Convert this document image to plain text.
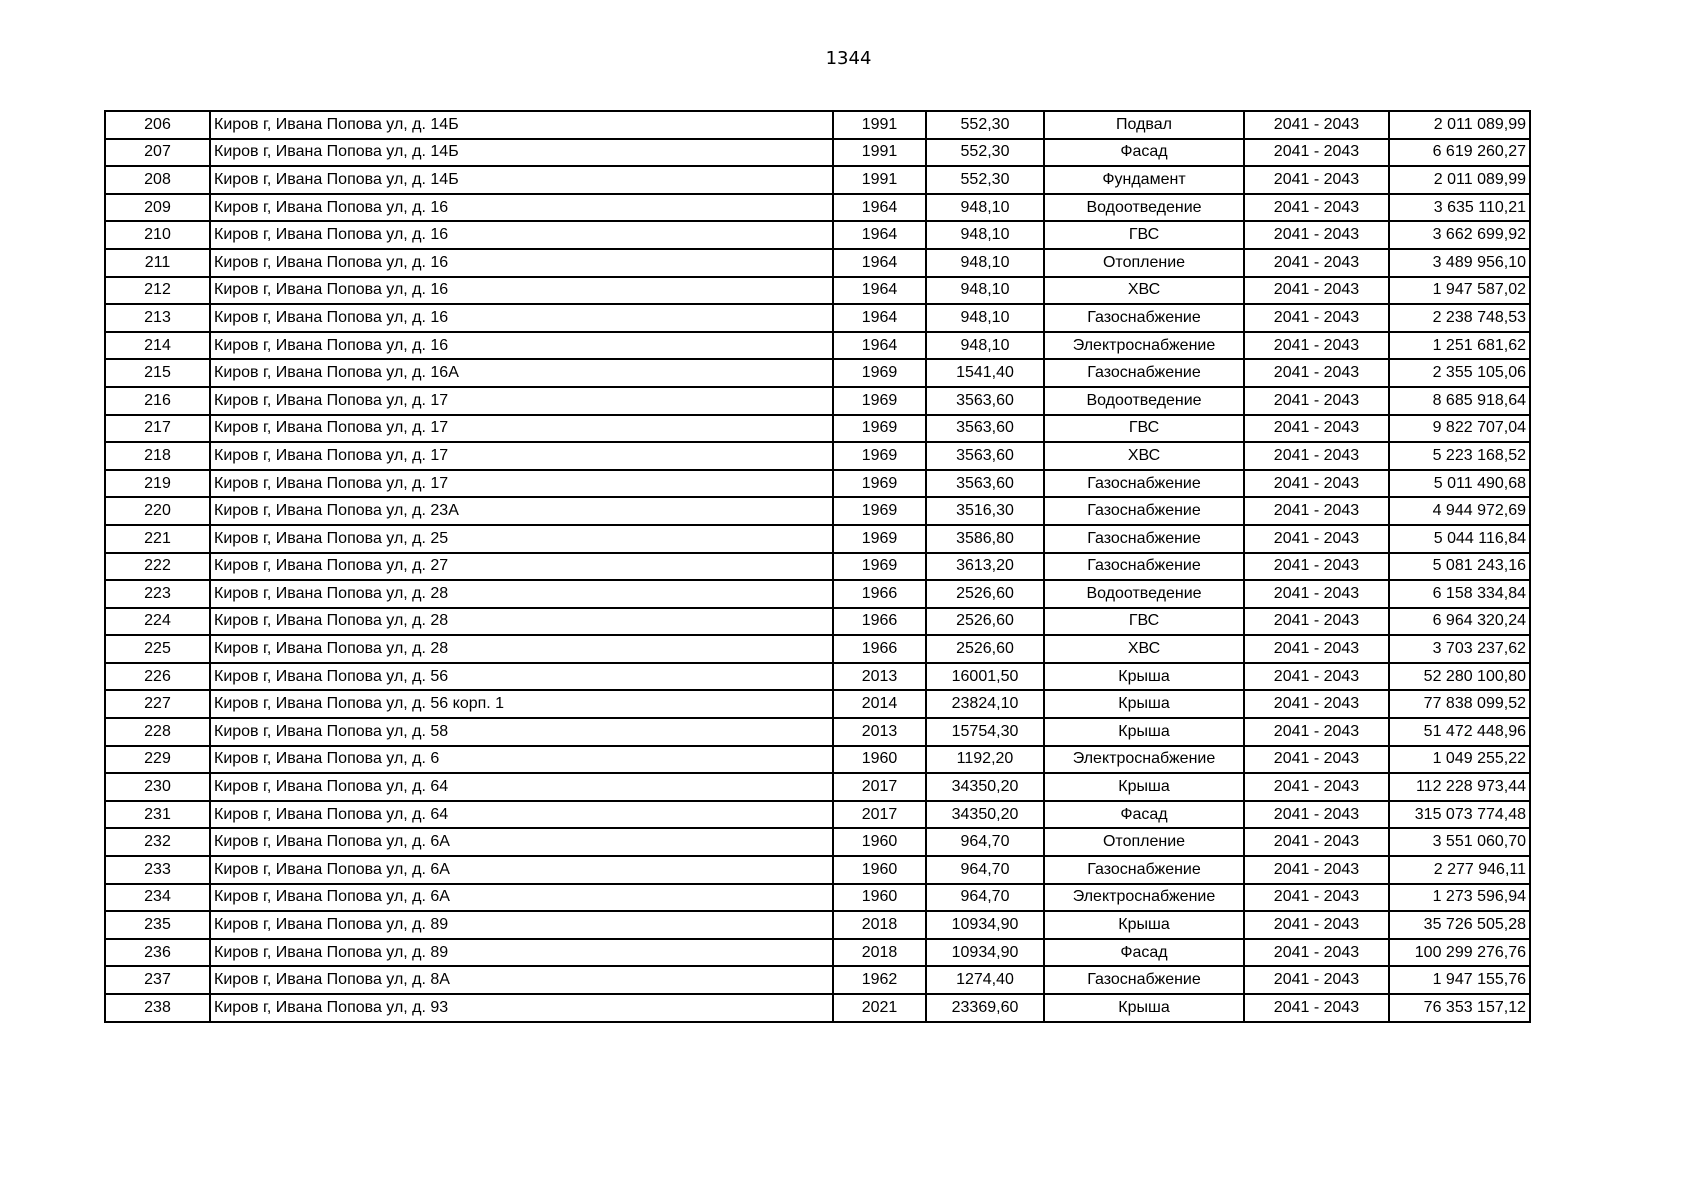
1344
206	Киров г, Ивана Попова ул, д. 14Б	1991	552,30	Подвал	2041 - 2043	2 011 089,99
207	Киров г, Ивана Попова ул, д. 14Б	1991	552,30	Фасад	2041 - 2043	6 619 260,27
208	Киров г, Ивана Попова ул, д. 14Б	1991	552,30	Фундамент	2041 - 2043	2 011 089,99
209	Киров г, Ивана Попова ул, д. 16	1964	948,10	Водоотведение	2041 - 2043	3 635 110,21
210	Киров г, Ивана Попова ул, д. 16	1964	948,10	ГВС	2041 - 2043	3 662 699,92
211	Киров г, Ивана Попова ул, д. 16	1964	948,10	Отопление	2041 - 2043	3 489 956,10
212	Киров г, Ивана Попова ул, д. 16	1964	948,10	ХВС	2041 - 2043	1 947 587,02
213	Киров г, Ивана Попова ул, д. 16	1964	948,10	Газоснабжение	2041 - 2043	2 238 748,53
214	Киров г, Ивана Попова ул, д. 16	1964	948,10	Электроснабжение	2041 - 2043	1 251 681,62
215	Киров г, Ивана Попова ул, д. 16А	1969	1541,40	Газоснабжение	2041 - 2043	2 355 105,06
216	Киров г, Ивана Попова ул, д. 17	1969	3563,60	Водоотведение	2041 - 2043	8 685 918,64
217	Киров г, Ивана Попова ул, д. 17	1969	3563,60	ГВС	2041 - 2043	9 822 707,04
218	Киров г, Ивана Попова ул, д. 17	1969	3563,60	ХВС	2041 - 2043	5 223 168,52
219	Киров г, Ивана Попова ул, д. 17	1969	3563,60	Газоснабжение	2041 - 2043	5 011 490,68
220	Киров г, Ивана Попова ул, д. 23А	1969	3516,30	Газоснабжение	2041 - 2043	4 944 972,69
221	Киров г, Ивана Попова ул, д. 25	1969	3586,80	Газоснабжение	2041 - 2043	5 044 116,84
222	Киров г, Ивана Попова ул, д. 27	1969	3613,20	Газоснабжение	2041 - 2043	5 081 243,16
223	Киров г, Ивана Попова ул, д. 28	1966	2526,60	Водоотведение	2041 - 2043	6 158 334,84
224	Киров г, Ивана Попова ул, д. 28	1966	2526,60	ГВС	2041 - 2043	6 964 320,24
225	Киров г, Ивана Попова ул, д. 28	1966	2526,60	ХВС	2041 - 2043	3 703 237,62
226	Киров г, Ивана Попова ул, д. 56	2013	16001,50	Крыша	2041 - 2043	52 280 100,80
227	Киров г, Ивана Попова ул, д. 56 корп. 1	2014	23824,10	Крыша	2041 - 2043	77 838 099,52
228	Киров г, Ивана Попова ул, д. 58	2013	15754,30	Крыша	2041 - 2043	51 472 448,96
229	Киров г, Ивана Попова ул, д. 6	1960	1192,20	Электроснабжение	2041 - 2043	1 049 255,22
230	Киров г, Ивана Попова ул, д. 64	2017	34350,20	Крыша	2041 - 2043	112 228 973,44
231	Киров г, Ивана Попова ул, д. 64	2017	34350,20	Фасад	2041 - 2043	315 073 774,48
232	Киров г, Ивана Попова ул, д. 6А	1960	964,70	Отопление	2041 - 2043	3 551 060,70
233	Киров г, Ивана Попова ул, д. 6А	1960	964,70	Газоснабжение	2041 - 2043	2 277 946,11
234	Киров г, Ивана Попова ул, д. 6А	1960	964,70	Электроснабжение	2041 - 2043	1 273 596,94
235	Киров г, Ивана Попова ул, д. 89	2018	10934,90	Крыша	2041 - 2043	35 726 505,28
236	Киров г, Ивана Попова ул, д. 89	2018	10934,90	Фасад	2041 - 2043	100 299 276,76
237	Киров г, Ивана Попова ул, д. 8А	1962	1274,40	Газоснабжение	2041 - 2043	1 947 155,76
238	Киров г, Ивана Попова ул, д. 93	2021	23369,60	Крыша	2041 - 2043	76 353 157,12
